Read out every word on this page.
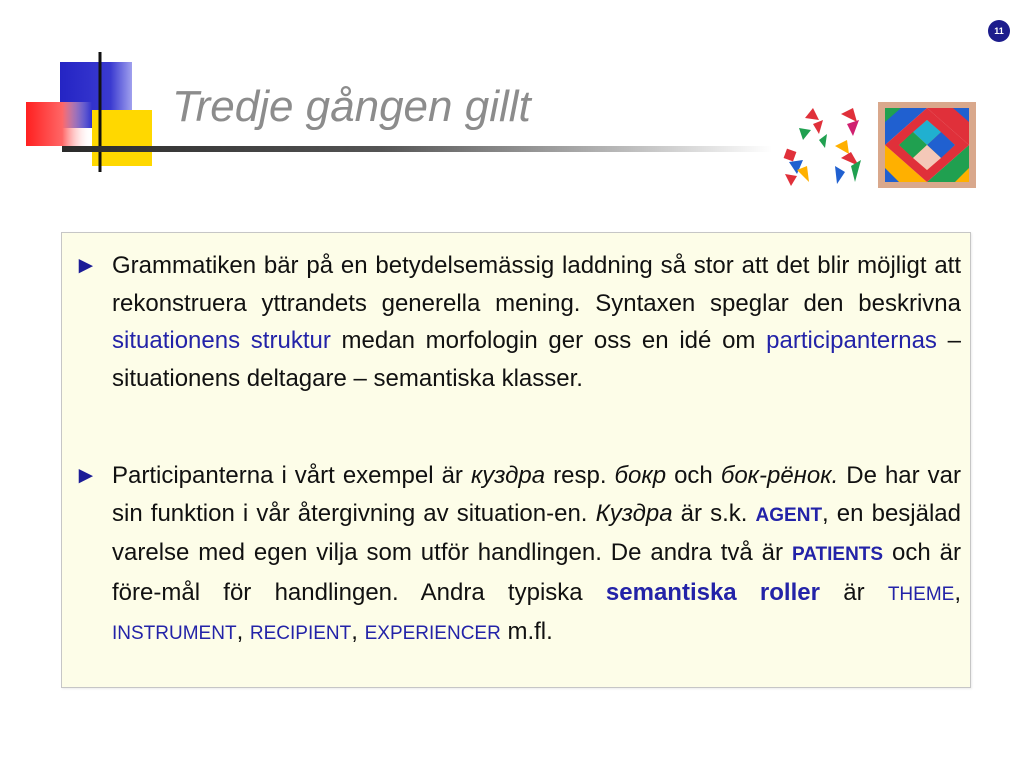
11
Tredje gången gillt
► Grammatiken bär på en betydelsemässig laddning så stor att det blir möjligt att rekonstruera yttrandets generella mening. Syntaxen speglar den beskrivna situationens struktur medan morfologin ger oss en idé om participanternas – situationens deltagare – semantiska klasser.
► Participanterna i vårt exempel är кyздра resp. бокр och бок-рёнок. De har var sin funktion i vår återgivning av situation-en. Кyздра är s.k. AGENT, en besjälad varelse med egen vilja som utför handlingen. De andra två är PATIENTS och är före-mål för handlingen. Andra typiska semantiska roller är THEME, INSTRUMENT, RECIPIENT, EXPERIENCER m.fl.
